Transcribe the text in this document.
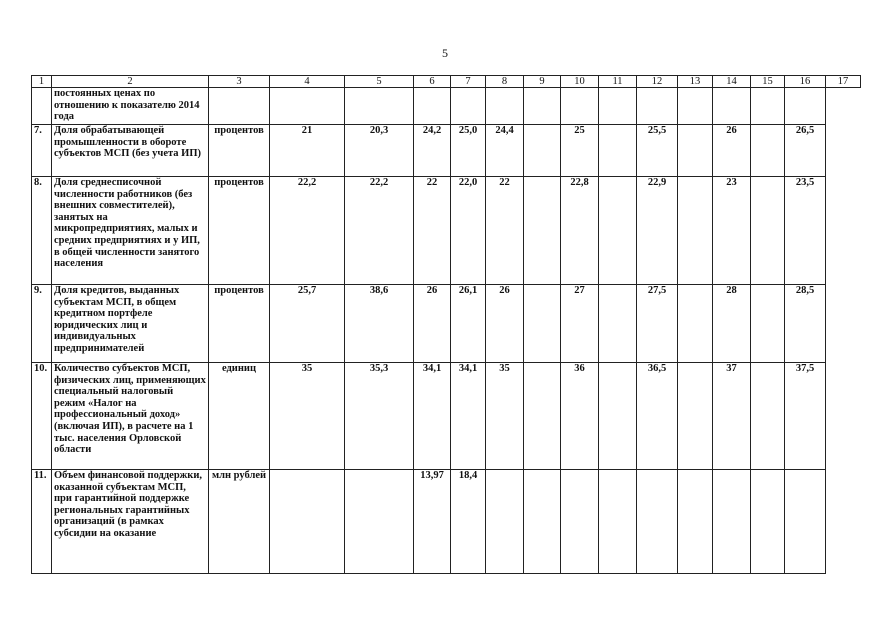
5
1	2	3	4	5	6	7	8	9	10	11	12	13	14	15	16	17
	постоянных ценах по отношению к показателю 2014 года															
7.	Доля обрабатывающей промышленности в обороте субъектов МСП (без учета ИП)	процентов	21	20,3	24,2	25,0	24,4		25		25,5		26		26,5	
8.	Доля среднесписочной численности работников (без внешних совместителей), занятых на микропредприятиях, малых и средних предприятиях и у ИП, в общей численности занятого населения	процентов	22,2	22,2	22	22,0	22		22,8		22,9		23		23,5	
9.	Доля кредитов, выданных субъектам МСП, в общем кредитном портфеле юридических лиц и индивидуальных предпринимателей	процентов	25,7	38,6	26	26,1	26		27		27,5		28		28,5	
10.	Количество субъектов МСП, физических лиц, применяющих специальный налоговый режим «Налог на профессиональный доход» (включая ИП), в расчете на 1 тыс. населения Орловской области	единиц	35	35,3	34,1	34,1	35		36		36,5		37		37,5	
11.	Объем финансовой поддержки, оказанной субъектам МСП, при гарантийной поддержке региональных гарантийных организаций (в рамках субсидии на оказание	млн рублей			13,97	18,4										
